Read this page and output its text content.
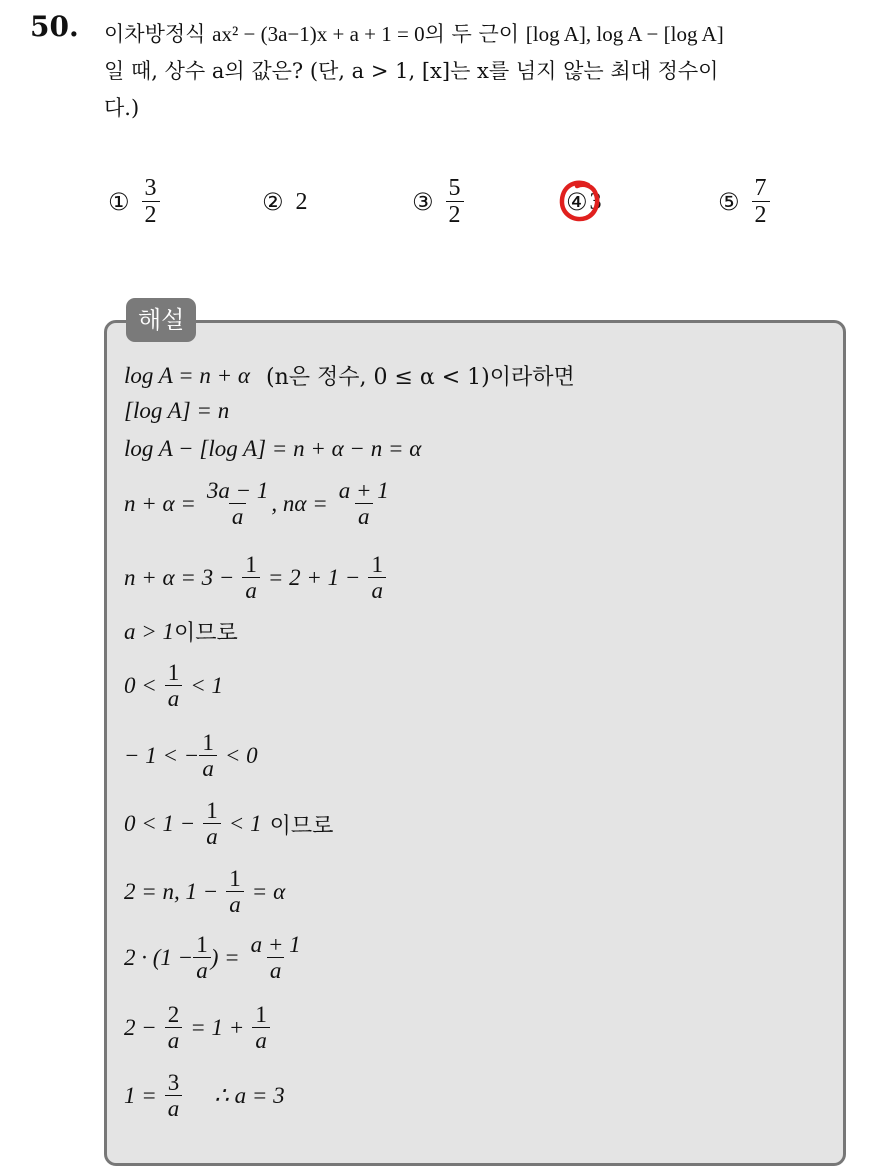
50. 이차방정식 ax² − (3a−1)x + a + 1 = 0의 두 근이 [log A], log A − [log A]
일 때, 상수 a의 값은? (단, a > 1, [x]는 x를 넘지 않는 최대 정수이
다.)
① $\frac{3}{2}$	② 2	③ $\frac{5}{2}$	④ 3	⑤ $\frac{7}{2}$
해설
log A = n + α (n은 정수, 0 ≤ α < 1) 이라하면
[log A] = n
log A − [log A] = n + α − n = α
$n + \alpha = \frac{3a - 1}{a}$ , $n\alpha = \frac{a + 1}{a}$
$n + \alpha = 3 - \frac{1}{a} = 2 + 1 - \frac{1}{a}$
a > 1 이므로
$0 < \frac{1}{a} < 1$
− 1 < − $\frac{1}{a} < 0$
$0 < 1 - \frac{1}{a} < 1$ 이므로
2 = n, $1 - \frac{1}{a} = \alpha$
$2 \cdot (1 - \frac{1}{a}$ ) = $\frac{a + 1}{a}$
$2 - \frac{2}{a} = 1 + \frac{1}{a}$
$1 = \frac{3}{a}$ ∴ a = 3
